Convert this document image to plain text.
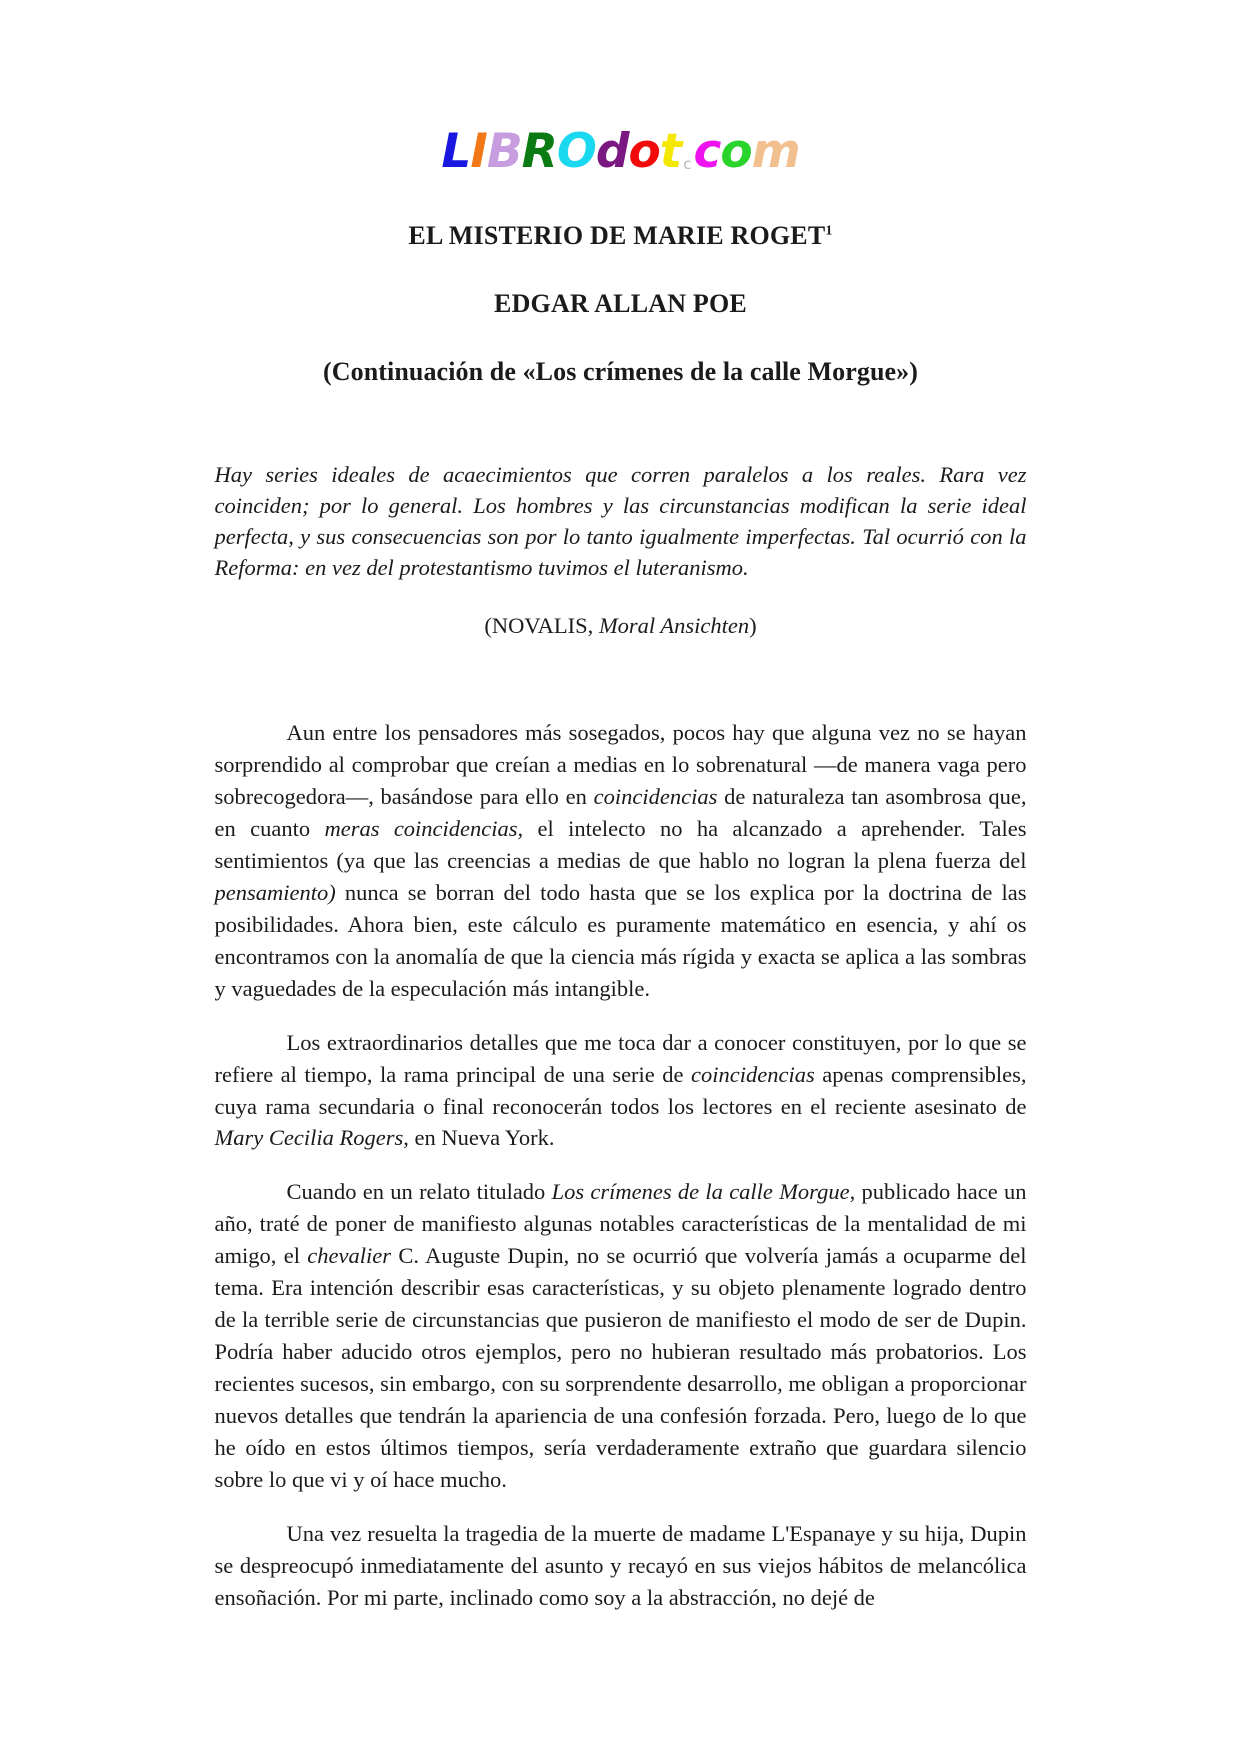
LIBROdot ccom
EL MISTERIO DE MARIE ROGET$^1$
EDGAR ALLAN POE
(Continuación de «Los crímenes de la calle Morgue»)

Hay series ideales de acaecimientos que corren paralelos a los reales. Rara vez coinciden; por lo general. Los hombres y las circunstancias modifican la serie ideal perfecta, y sus consecuencias son por lo tanto igualmente imperfectas. Tal ocurrió con la Reforma: en vez del protestantismo tuvimos el luteranismo.

(NOVALIS, Moral Ansichten)

Aun entre los pensadores más sosegados, pocos hay que alguna vez no se hayan sorprendido al comprobar que creían a medias en lo sobrenatural —de manera vaga pero sobrecogedora—, basándose para ello en coincidencias de naturaleza tan asombrosa que, en cuanto meras coincidencias, el intelecto no ha alcanzado a aprehender. Tales sentimientos (ya que las creencias a medias de que hablo no logran la plena fuerza del pensamiento) nunca se borran del todo hasta que se los explica por la doctrina de las posibilidades. Ahora bien, este cálculo es puramente matemático en esencia, y ahí os encontramos con la anomalía de que la ciencia más rígida y exacta se aplica a las sombras y vaguedades de la especulación más intangible.

Los extraordinarios detalles que me toca dar a conocer constituyen, por lo que se refiere al tiempo, la rama principal de una serie de coincidencias apenas comprensibles, cuya rama secundaria o final reconocerán todos los lectores en el reciente asesinato de Mary Cecilia Rogers, en Nueva York.

Cuando en un relato titulado Los crímenes de la calle Morgue, publicado hace un año, traté de poner de manifiesto algunas notables características de la mentalidad de mi amigo, el chevalier C. Auguste Dupin, no se ocurrió que volvería jamás a ocuparme del tema. Era intención describir esas características, y su objeto plenamente logrado dentro de la terrible serie de circunstancias que pusieron de manifiesto el modo de ser de Dupin. Podría haber aducido otros ejemplos, pero no hubieran resultado más probatorios. Los recientes sucesos, sin embargo, con su sorprendente desarrollo, me obligan a proporcionar nuevos detalles que tendrán la apariencia de una confesión forzada. Pero, luego de lo que he oído en estos últimos tiempos, sería verdaderamente extraño que guardara silencio sobre lo que vi y oí hace mucho.

Una vez resuelta la tragedia de la muerte de madame L'Espanaye y su hija, Dupin se despreocupó inmediatamente del asunto y recayó en sus viejos hábitos de melancólica ensoñación. Por mi parte, inclinado como soy a la abstracción, no dejé de
